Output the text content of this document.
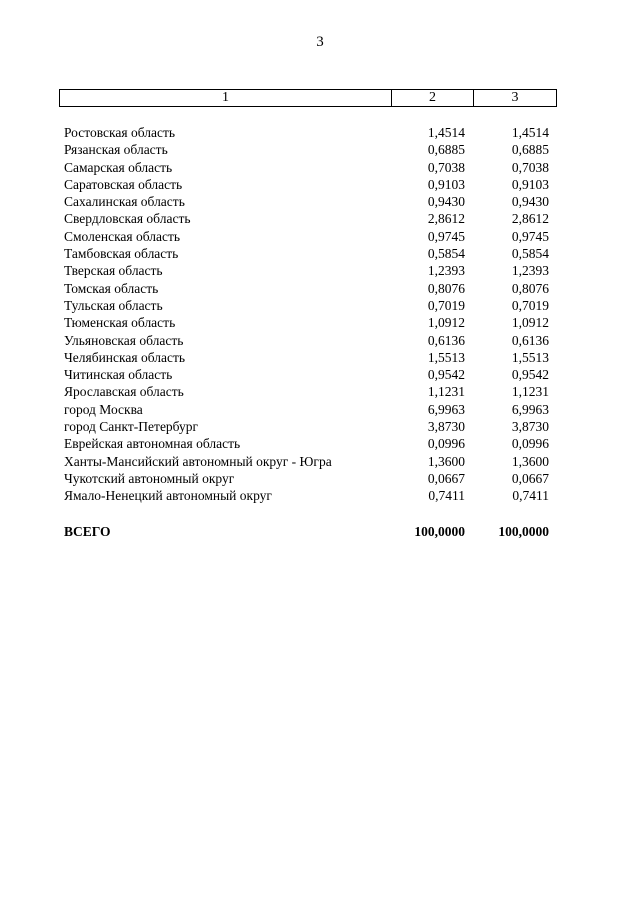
3
1	2	3
Ростовская область	1,4514	1,4514
Рязанская область	0,6885	0,6885
Самарская область	0,7038	0,7038
Саратовская область	0,9103	0,9103
Сахалинская область	0,9430	0,9430
Свердловская область	2,8612	2,8612
Смоленская область	0,9745	0,9745
Тамбовская область	0,5854	0,5854
Тверская область	1,2393	1,2393
Томская область	0,8076	0,8076
Тульская область	0,7019	0,7019
Тюменская область	1,0912	1,0912
Ульяновская область	0,6136	0,6136
Челябинская область	1,5513	1,5513
Читинская область	0,9542	0,9542
Ярославская область	1,1231	1,1231
город Москва	6,9963	6,9963
город Санкт-Петербург	3,8730	3,8730
Еврейская автономная область	0,0996	0,0996
Ханты-Мансийский автономный округ - Югра	1,3600	1,3600
Чукотский автономный округ	0,0667	0,0667
Ямало-Ненецкий автономный округ	0,7411	0,7411
ВСЕГО	100,0000 100,0000
